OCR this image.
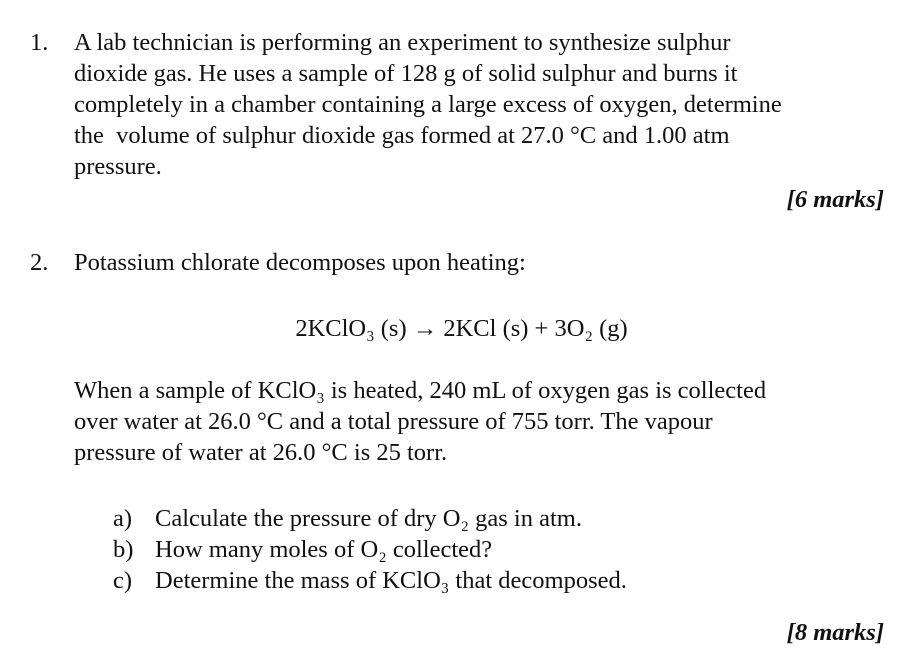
1. A lab technician is performing an experiment to synthesize sulphur

dioxide gas. He uses a sample of 128 g of solid sulphur and burns it

completely in a chamber containing a large excess of oxygen, determine

the  volume of sulphur dioxide gas formed at 27.0 °C and 1.00 atm

pressure.

[6 marks]
2. Potassium chlorate decomposes upon heating:
2KClO₃ (s) → 2KCl (s) + 3O₂ (g)

When a sample of KClO₃ is heated, 240 mL of oxygen gas is collected

over water at 26.0 °C and a total pressure of 755 torr. The vapour

pressure of water at 26.0 °C is 25 torr.

a) Calculate the pressure of dry O₂ gas in atm.
b) How many moles of O₂ collected?
c) Determine the mass of KClO₃ that decomposed.
[8 marks]
